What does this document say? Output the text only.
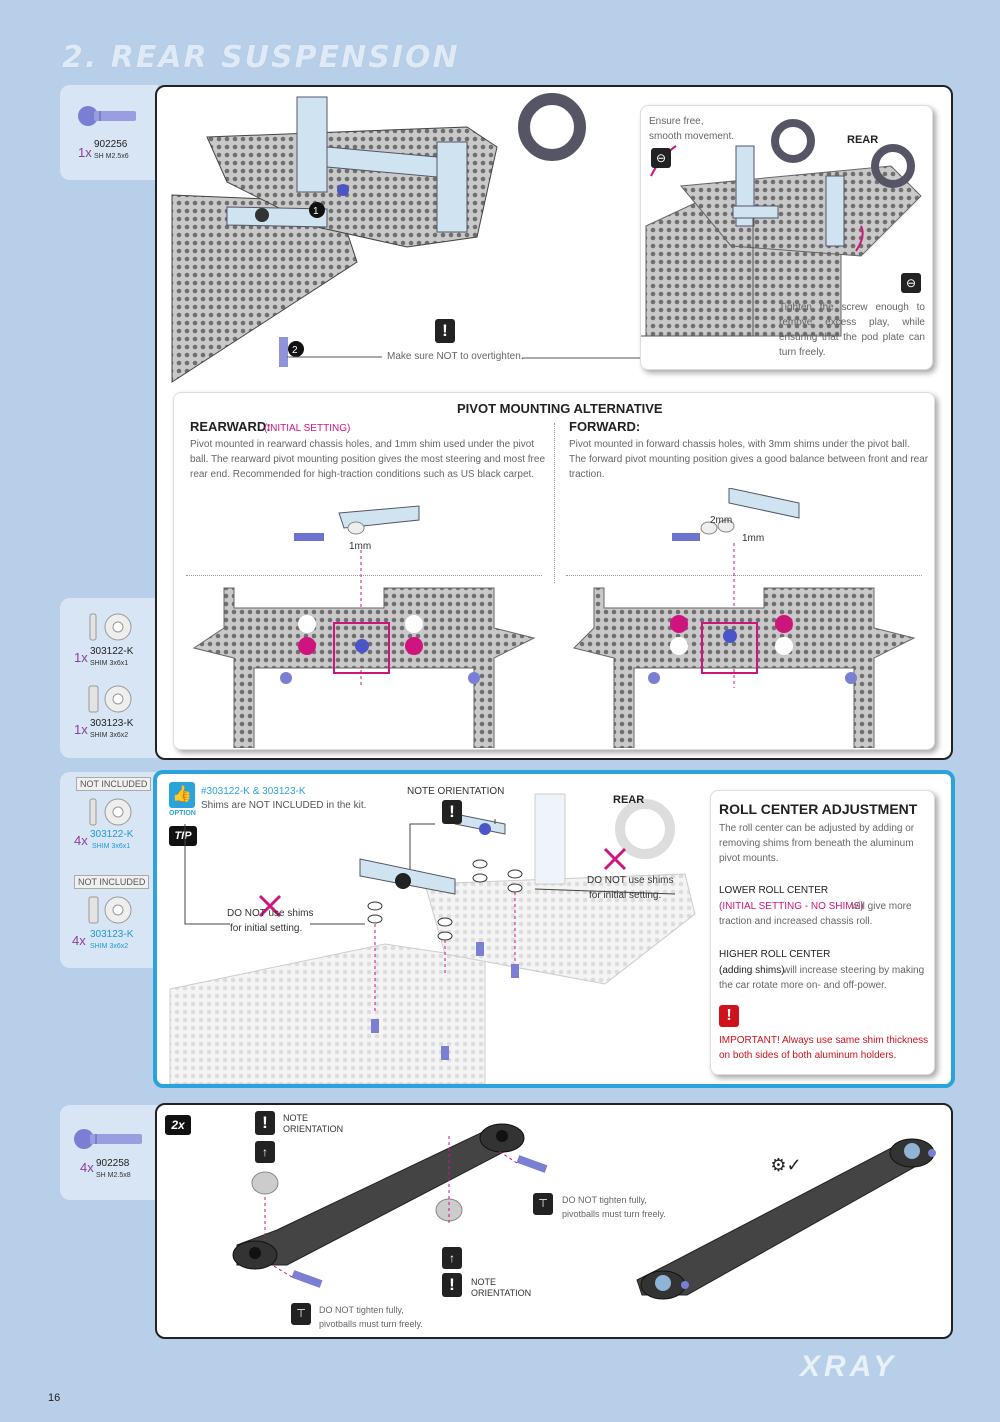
2. REAR SUSPENSION
1x
902256
SH M2.5x6
1x 303122-K
SHIM 3x6x1
1x 303123-K
SHIM 3x6x2
NOT INCLUDED
4x 303122-K
SHIM 3x6x1
NOT INCLUDED
4x 303123-K
SHIM 3x6x2
4x 902258
SH M2.5x8
1
2
!
Make sure NOT to overtighten.
Ensure free,
smooth movement.
⊖
⊖
REAR
Tighten the screw enough to remove excess play, while ensuring that the pod plate can turn freely.
PIVOT MOUNTING ALTERNATIVE
REARWARD:
(INITIAL SETTING)
Pivot mounted in rearward chassis holes, and 1mm shim used under the pivot ball. The rearward pivot mounting position gives the most steering and most free rear end. Recommended for high-traction conditions such as US black carpet.
FORWARD:
Pivot mounted in forward chassis holes, with 3mm shims under the pivot ball. The forward pivot mounting position gives a good balance between front and rear traction.
1mm
2mm
1mm
👍
OPTION
#303122-K & 303123-K
Shims are NOT INCLUDED in the kit.
TIP
NOTE ORIENTATION
!
REAR
DO NOT use shims
for initial setting.
DO NOT use shims
for initial setting.
ROLL CENTER ADJUSTMENT
The roll center can be adjusted by adding or removing shims from beneath the aluminum pivot mounts.
LOWER ROLL CENTER
(INITIAL SETTING - NO SHIMS)
will give more traction and increased chassis roll.
HIGHER ROLL CENTER
(adding shims)
will increase steering by making the car rotate more on- and off-power.
!
IMPORTANT! Always use same shim thickness on both sides of both aluminum holders.
2x	!	NOTE
ORIENTATION
↑
↑
!	NOTE
ORIENTATION
⊤	DO NOT tighten fully,
pivotballs must turn freely.
⊤	DO NOT tighten fully,
pivotballs must turn freely.
⚙✓
16
XRAY
